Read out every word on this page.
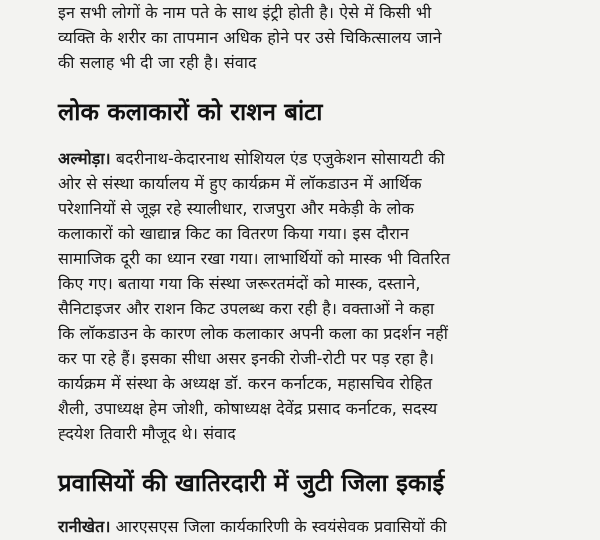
इन सभी लोगों के नाम पते के साथ इंट्री होती है। ऐसे में किसी भी
व्यक्ति के शरीर का तापमान अधिक होने पर उसे चिकित्सालय जाने
की सलाह भी दी जा रही है। संवाद
लोक कलाकारों को राशन बांटा
अल्मोड़ा। बदरीनाथ-केदारनाथ सोशियल एंड एजुकेशन सोसायटी की
ओर से संस्था कार्यालय में हुए कार्यक्रम में लॉकडाउन में आर्थिक
परेशानियों से जूझ रहे स्यालीधार, राजपुरा और मकेड़ी के लोक
कलाकारों को खाद्यान्न किट का वितरण किया गया। इस दौरान
सामाजिक दूरी का ध्यान रखा गया। लाभार्थियों को मास्क भी वितरित
किए गए। बताया गया कि संस्था जरूरतमंदों को मास्क, दस्ताने,
सैनिटाइजर और राशन किट उपलब्ध करा रही है। वक्ताओं ने कहा
कि लॉकडाउन के कारण लोक कलाकार अपनी कला का प्रदर्शन नहीं
कर पा रहे हैं। इसका सीधा असर इनकी रोजी-रोटी पर पड़ रहा है।
कार्यक्रम में संस्था के अध्यक्ष डॉ. करन कर्नाटक, महासचिव रोहित
शैली, उपाध्यक्ष हेम जोशी, कोषाध्यक्ष देवेंद्र प्रसाद कर्नाटक, सदस्य
ह्दयेश तिवारी मौजूद थे। संवाद
प्रवासियों की खातिरदारी में जुटी जिला इकाई
रानीखेत। आरएसएस जिला कार्यकारिणी के स्वयंसेवक प्रवासियों की
